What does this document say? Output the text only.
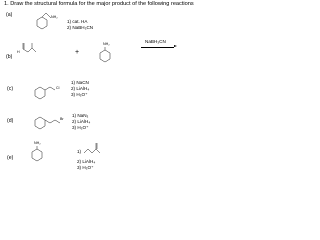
1. Draw the structural formula for the major product of the following reactions
(a)	NH₂
1) cat. HA
2) NaBH₃CN
(b)
H	+
NH₂	NaBH₃CN
(c)	Cl
1) NaCN
2) LiAlH₄
3) H₃O⁺
(d)	Br
1) NaN₃
2) LiAlH₄
3) H₃O⁺
(e)
NH₂
1)
2) LiAlH₄
3) H₃O⁺
